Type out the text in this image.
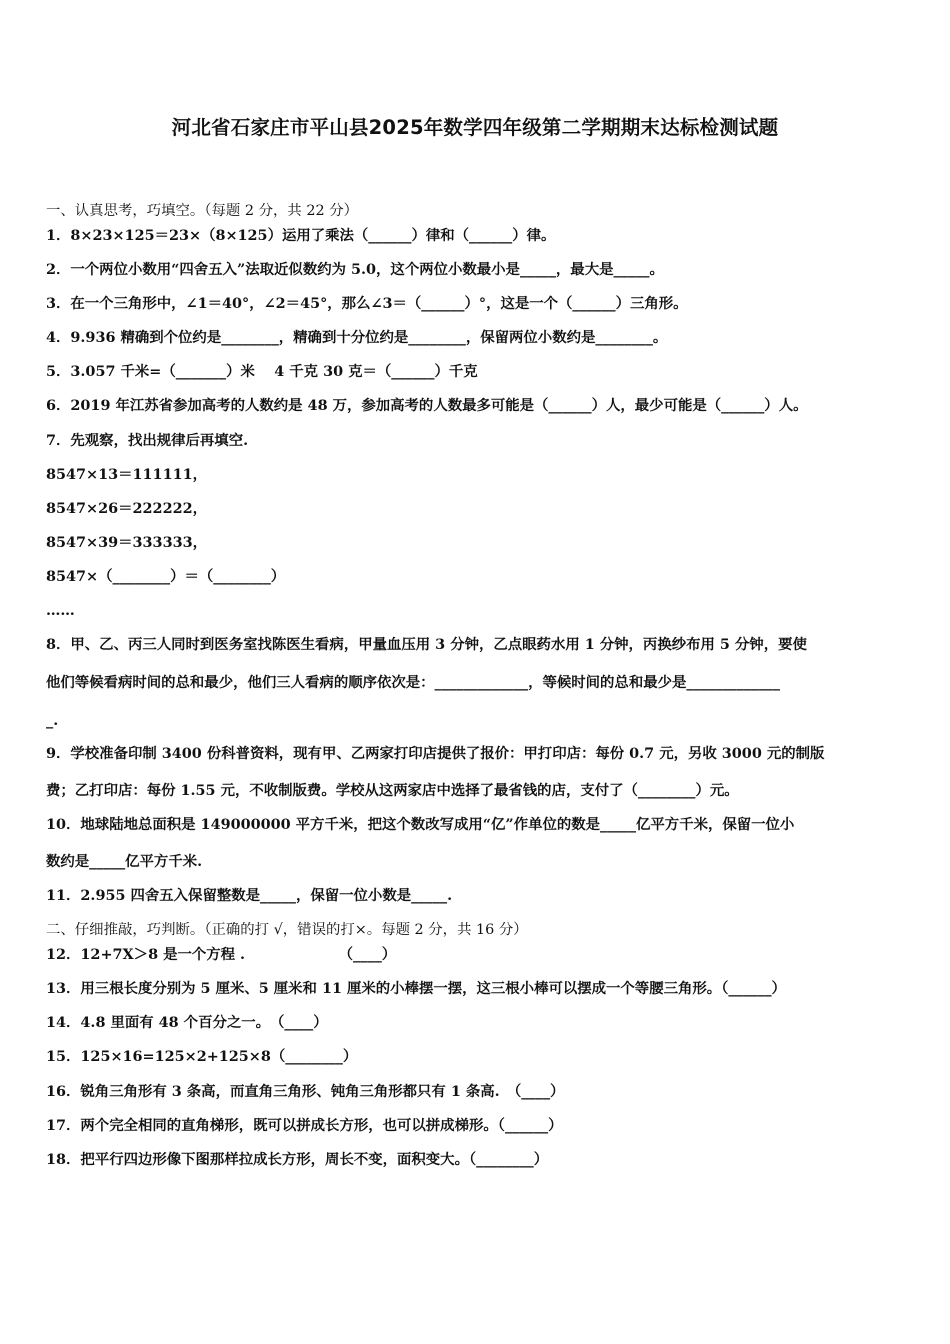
河北省石家庄市平山县2025年数学四年级第二学期期末达标检测试题
一、认真思考，巧填空。（每题 2 分，共 22 分）
1．8×23×125＝23×（8×125）运用了乘法（______）律和（______）律。
2．一个两位小数用“四舍五入”法取近似数约为 5.0，这个两位小数最小是_____，最大是_____。
3．在一个三角形中，∠1＝40°，∠2＝45°，那么∠3＝（______）°，这是一个（______）三角形。
4．9.936 精确到个位约是________，精确到十分位约是________，保留两位小数约是________。
5．3.057 千米=（_______）米　 4 千克 30 克＝（______）千克
6．2019 年江苏省参加高考的人数约是 48 万，参加高考的人数最多可能是（______）人，最少可能是（______）人。
7．先观察，找出规律后再填空.
8547×13＝111111，
8547×26＝222222，
8547×39＝333333，
8547×（________）＝（________）
……
8．甲、乙、丙三人同时到医务室找陈医生看病，甲量血压用 3 分钟，乙点眼药水用 1 分钟，丙换纱布用 5 分钟，要使
他们等候看病时间的总和最少，他们三人看病的顺序依次是：_____________，等候时间的总和最少是_____________
_.
9．学校准备印制 3400 份科普资料，现有甲、乙两家打印店提供了报价：甲打印店：每份 0.7 元，另收 3000 元的制版
费；乙打印店：每份 1.55 元，不收制版费。学校从这两家店中选择了最省钱的店，支付了（________）元。
10．地球陆地总面积是 149000000 平方千米，把这个数改写成用“亿”作单位的数是_____亿平方千米，保留一位小
数约是_____亿平方千米.
11．2.955 四舍五入保留整数是_____，保留一位小数是_____.
二、仔细推敲，巧判断。（正确的打 √，错误的打×。每题 2 分，共 16 分）
12．12+7X＞8 是一个方程 .　　　　　　　（____）
13．用三根长度分别为 5 厘米、5 厘米和 11 厘米的小棒摆一摆，这三根小棒可以摆成一个等腰三角形。（______）
14．4.8 里面有 48 个百分之一。　（____）
15．125×16=125×2+125×8（________）
16．锐角三角形有 3 条高，而直角三角形、钝角三角形都只有 1 条高.　（____）
17．两个完全相同的直角梯形，既可以拼成长方形，也可以拼成梯形。（______）
18．把平行四边形像下图那样拉成长方形，周长不变，面积变大。（________）
